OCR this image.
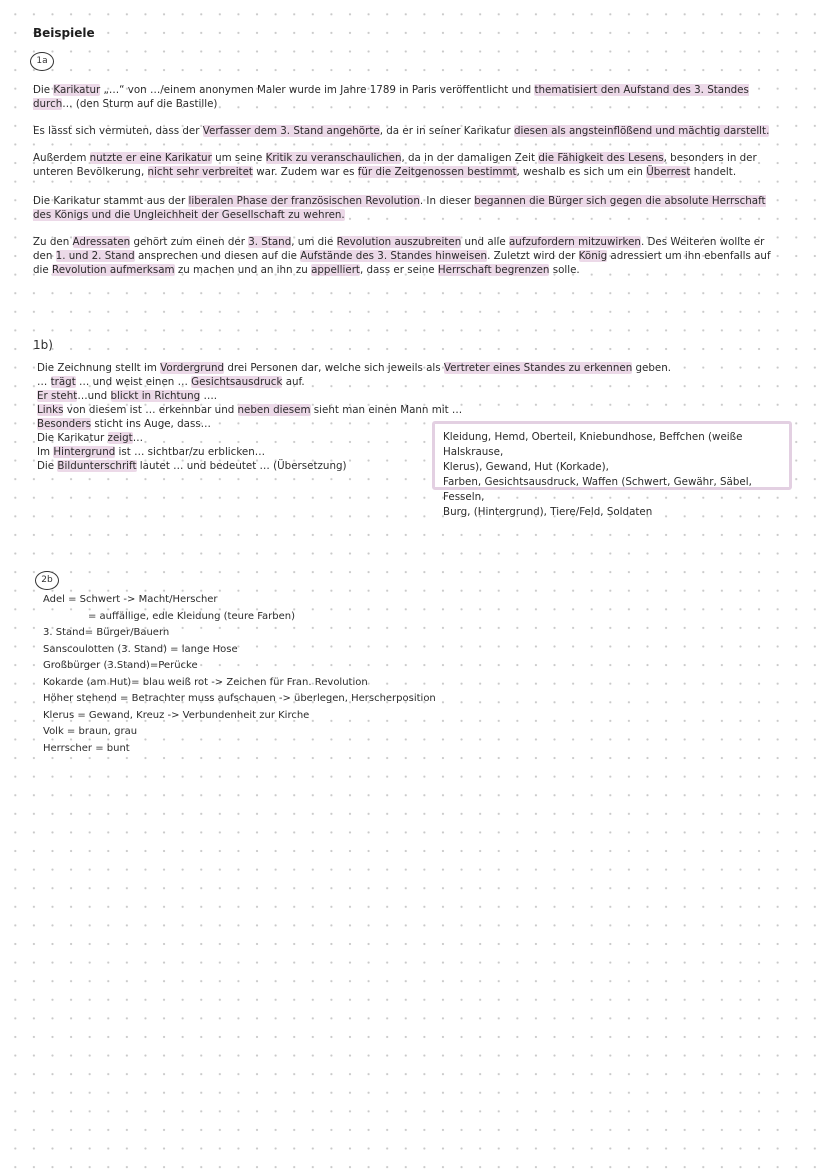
Beispiele
1a

Die Karikatur „…“ von …/einem anonymen Maler wurde im Jahre 1789 in Paris veröffentlicht und thematisiert den Aufstand des 3. Standes durch… (den Sturm auf die Bastille)

Es lässt sich vermuten, dass der Verfasser dem 3. Stand angehörte, da er in seiner Karikatur diesen als angsteinflößend und mächtig darstellt.

Außerdem nutzte er eine Karikatur um seine Kritik zu veranschaulichen, da in der damaligen Zeit die Fähigkeit des Lesens, besonders in der unteren Bevölkerung, nicht sehr verbreitet war. Zudem war es für die Zeitgenossen bestimmt, weshalb es sich um ein Überrest handelt.

Die Karikatur stammt aus der liberalen Phase der französischen Revolution. In dieser begannen die Bürger sich gegen die absolute Herrschaft des Königs und die Ungleichheit der Gesellschaft zu wehren.

Zu den Adressaten gehört zum einen der 3. Stand, um die Revolution auszubreiten und alle aufzufordern mitzuwirken. Des Weiteren wollte er den 1. und 2. Stand ansprechen und diesen auf die Aufstände des 3. Standes hinweisen. Zuletzt wird der König adressiert um ihn ebenfalls auf die Revolution aufmerksam zu machen und an ihn zu appelliert, dass er seine Herrschaft begrenzen solle.

1b)
Die Zeichnung stellt im Vordergrund drei Personen dar, welche sich jeweils als Vertreter eines Standes zu erkennen geben.
… trägt … und weist einen … Gesichtsausdruck auf.
Er steht…und blickt in Richtung ….
Links von diesem ist … erkennbar und neben diesem sieht man einen Mann mit …
Besonders sticht ins Auge, dass…
Die Karikatur zeigt…
Im Hintergrund ist … sichtbar/zu erblicken…
Die Bildunterschrift lautet … und bedeutet … (Übersetzung)
Kleidung, Hemd, Oberteil, Kniebundhose, Beffchen (weiße Halskrause,
Klerus), Gewand, Hut (Korkade),
Farben, Gesichtsausdruck, Waffen (Schwert, Gewähr, Säbel, Fesseln,
Burg, (Hintergrund), Tiere/Feld, Soldaten
2b
Adel = Schwert -> Macht/Herscher
= auffällige, edle Kleidung (teure Farben)
3. Stand= Bürger/Bauern
Sanscoulotten (3. Stand) = lange Hose
Großbürger (3.Stand)=Perücke
Kokarde (am Hut)= blau weiß rot -> Zeichen für Fran. Revolution
Höher stehend = Betrachter muss aufschauen -> überlegen, Herscherposition
Klerus = Gewand, Kreuz -> Verbundenheit zur Kirche
Volk = braun, grau
Herrscher = bunt
